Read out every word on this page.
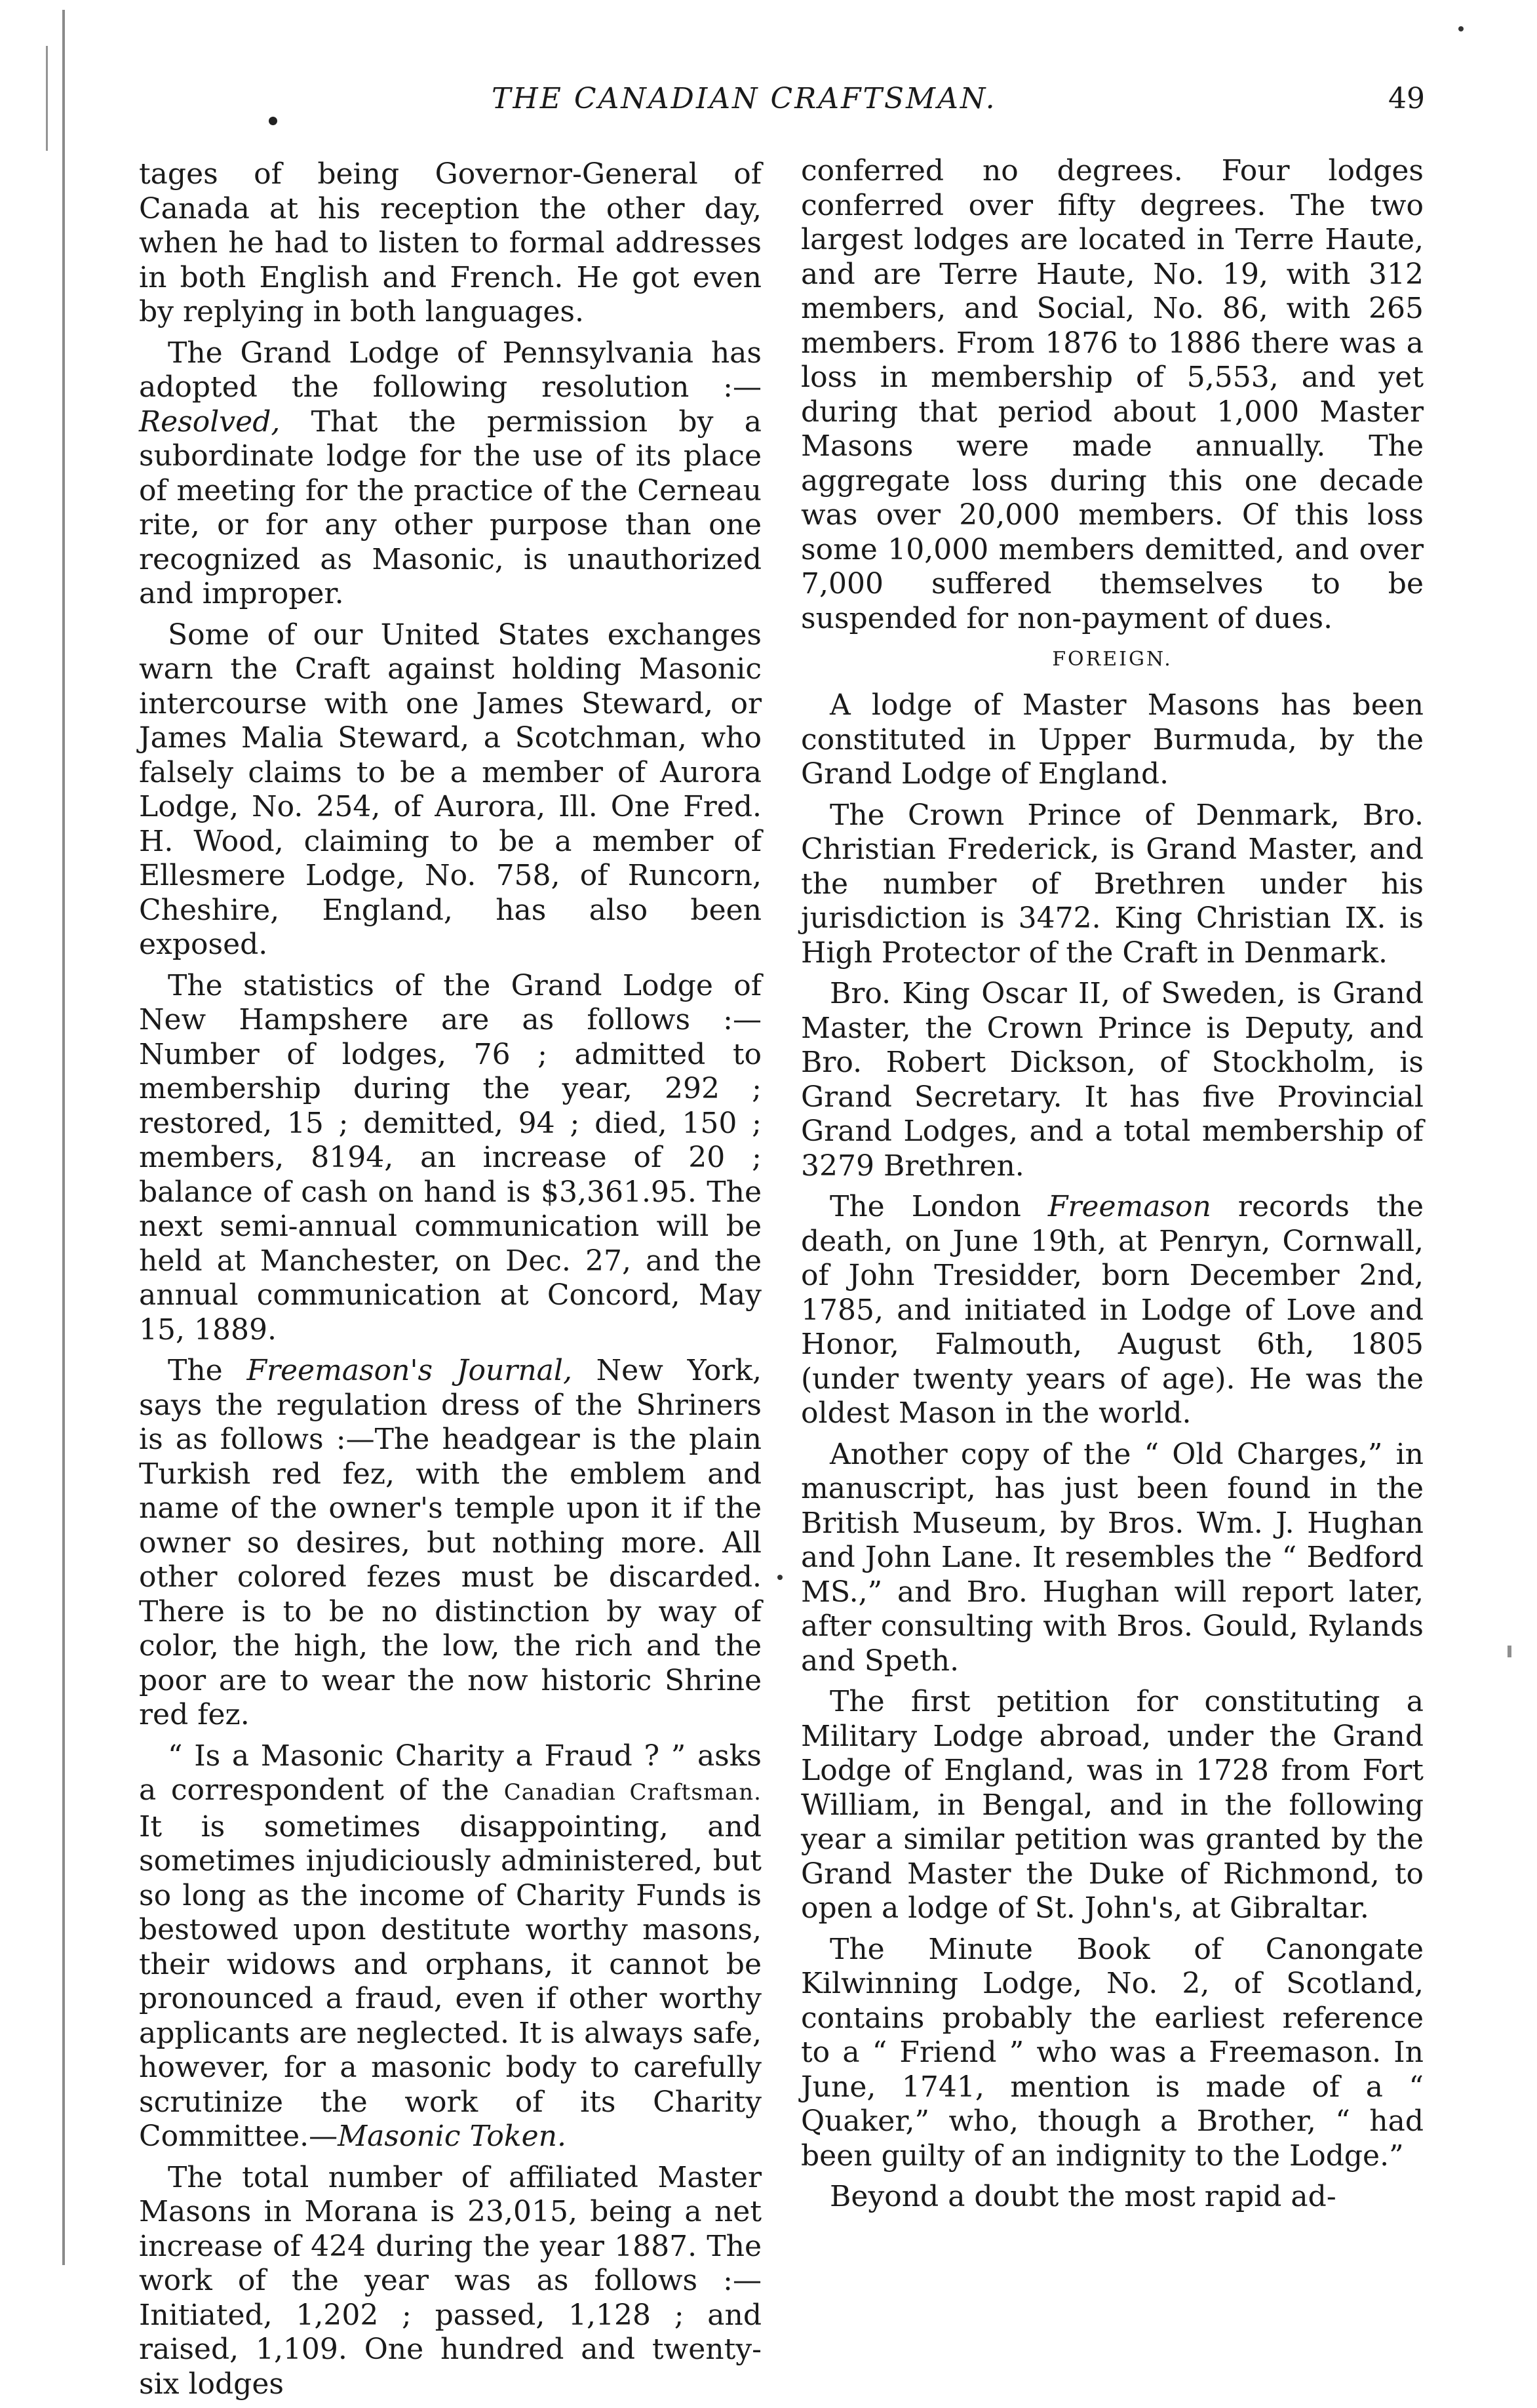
THE CANADIAN CRAFTSMAN.	49

tages of being Governor-General of Canada at his reception the other day, when he had to listen to formal addresses in both English and French. He got even by replying in both languages.

The Grand Lodge of Pennsylvania has adopted the following resolution :—Resolved, That the permission by a subordinate lodge for the use of its place of meeting for the practice of the Cerneau rite, or for any other purpose than one recognized as Masonic, is unauthorized and improper.

Some of our United States exchanges warn the Craft against holding Masonic intercourse with one James Steward, or James Malia Steward, a Scotchman, who falsely claims to be a member of Aurora Lodge, No. 254, of Aurora, Ill. One Fred. H. Wood, claiming to be a member of Ellesmere Lodge, No. 758, of Runcorn, Cheshire, England, has also been exposed.

The statistics of the Grand Lodge of New Hampshere are as follows :—Number of lodges, 76 ; admitted to membership during the year, 292 ; restored, 15 ; demitted, 94 ; died, 150 ; members, 8194, an increase of 20 ; balance of cash on hand is $3,361.95. The next semi-annual communication will be held at Manchester, on Dec. 27, and the annual communication at Concord, May 15, 1889.

The Freemason's Journal, New York, says the regulation dress of the Shriners is as follows :—The headgear is the plain Turkish red fez, with the emblem and name of the owner's temple upon it if the owner so desires, but nothing more. All other colored fezes must be discarded. There is to be no distinction by way of color, the high, the low, the rich and the poor are to wear the now historic Shrine red fez.

“ Is a Masonic Charity a Fraud ? ” asks a correspondent of the Canadian Craftsman. It is sometimes disappointing, and sometimes injudiciously administered, but so long as the income of Charity Funds is bestowed upon destitute worthy masons, their widows and orphans, it cannot be pronounced a fraud, even if other worthy applicants are neglected. It is always safe, however, for a masonic body to carefully scrutinize the work of its Charity Committee.—Masonic Token.

The total number of affiliated Master Masons in Morana is 23,015, being a net increase of 424 during the year 1887. The work of the year was as follows :—Initiated, 1,202 ; passed, 1,128 ; and raised, 1,109. One hundred and twenty-six lodges

conferred no degrees. Four lodges conferred over fifty degrees. The two largest lodges are located in Terre Haute, and are Terre Haute, No. 19, with 312 members, and Social, No. 86, with 265 members. From 1876 to 1886 there was a loss in membership of 5,553, and yet during that period about 1,000 Master Masons were made annually. The aggregate loss during this one decade was over 20,000 members. Of this loss some 10,000 members demitted, and over 7,000 suffered themselves to be suspended for non-payment of dues.

FOREIGN.

A lodge of Master Masons has been constituted in Upper Burmuda, by the Grand Lodge of England.

The Crown Prince of Denmark, Bro. Christian Frederick, is Grand Master, and the number of Brethren under his jurisdiction is 3472. King Christian IX. is High Protector of the Craft in Denmark.

Bro. King Oscar II, of Sweden, is Grand Master, the Crown Prince is Deputy, and Bro. Robert Dickson, of Stockholm, is Grand Secretary. It has five Provincial Grand Lodges, and a total membership of 3279 Brethren.

The London Freemason records the death, on June 19th, at Penryn, Cornwall, of John Tresidder, born December 2nd, 1785, and initiated in Lodge of Love and Honor, Falmouth, August 6th, 1805 (under twenty years of age). He was the oldest Mason in the world.

Another copy of the “ Old Charges,” in manuscript, has just been found in the British Museum, by Bros. Wm. J. Hughan and John Lane. It resembles the “ Bedford MS.,” and Bro. Hughan will report later, after consulting with Bros. Gould, Rylands and Speth.

The first petition for constituting a Military Lodge abroad, under the Grand Lodge of England, was in 1728 from Fort William, in Bengal, and in the following year a similar petition was granted by the Grand Master the Duke of Richmond, to open a lodge of St. John's, at Gibraltar.

The Minute Book of Canongate Kilwinning Lodge, No. 2, of Scotland, contains probably the earliest reference to a “ Friend ” who was a Freemason. In June, 1741, mention is made of a “ Quaker,” who, though a Brother, “ had been guilty of an indignity to the Lodge.”

Beyond a doubt the most rapid ad-
